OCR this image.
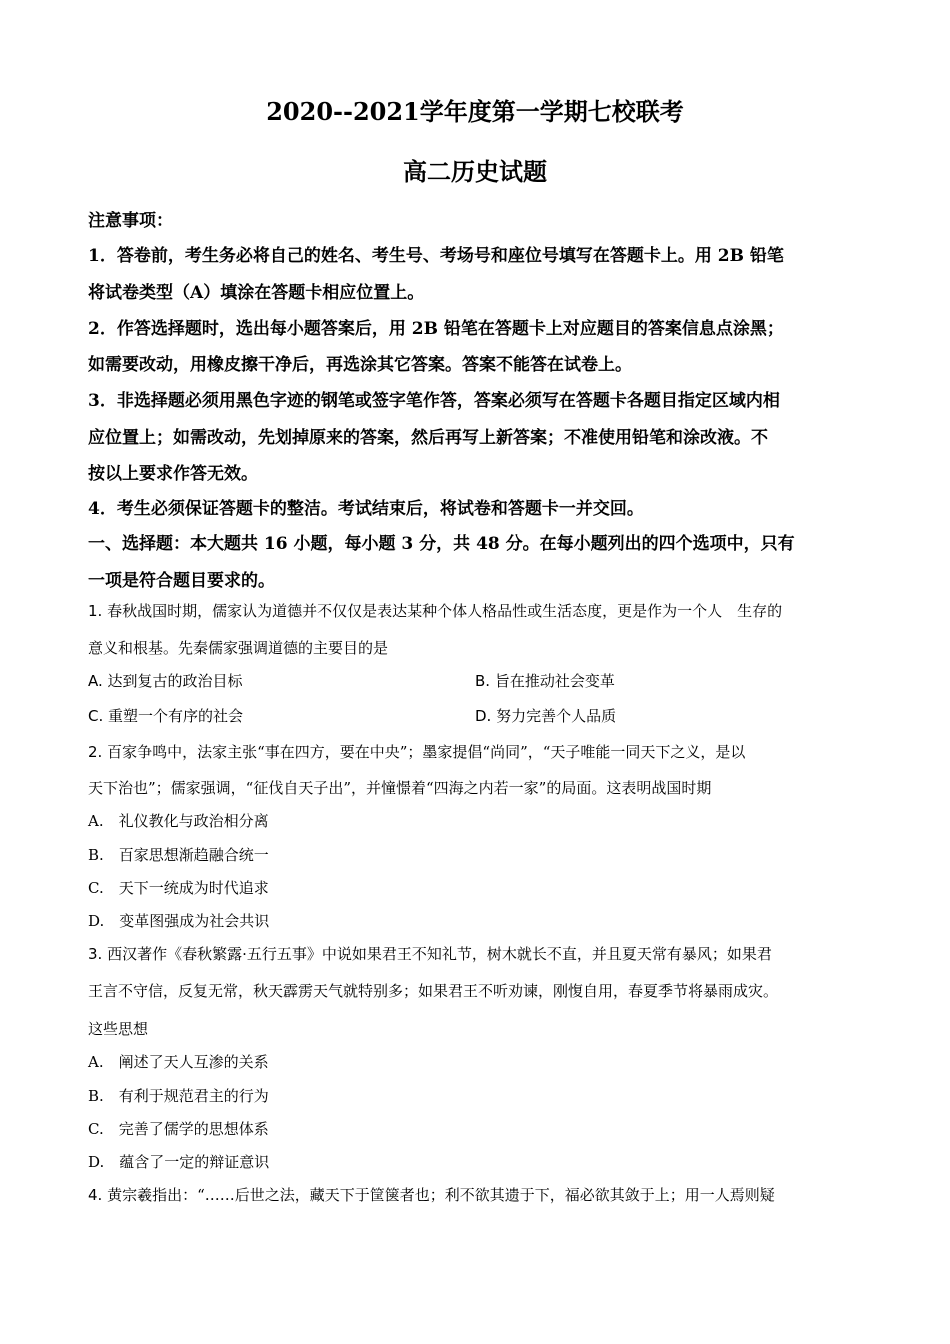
2020--2021学年度第一学期七校联考
高二历史试题
注意事项：
1．答卷前，考生务必将自己的姓名、考生号、考场号和座位号填写在答题卡上。用 2B 铅笔
将试卷类型（A）填涂在答题卡相应位置上。
2．作答选择题时，选出每小题答案后，用 2B 铅笔在答题卡上对应题目的答案信息点涂黑；
如需要改动，用橡皮擦干净后，再选涂其它答案。答案不能答在试卷上。
3．非选择题必须用黑色字迹的钢笔或签字笔作答，答案必须写在答题卡各题目指定区域内相
应位置上；如需改动，先划掉原来的答案，然后再写上新答案；不准使用铅笔和涂改液。不
按以上要求作答无效。
4．考生必须保证答题卡的整洁。考试结束后，将试卷和答题卡一并交回。
一、选择题：本大题共 16 小题，每小题 3 分，共 48 分。在每小题列出的四个选项中，只有
一项是符合题目要求的。
1. 春秋战国时期，儒家认为道德并不仅仅是表达某种个体人格品性或生活态度，更是作为一个人　生存的
意义和根基。先秦儒家强调道德的主要目的是
A. 达到复古的政治目标	B. 旨在推动社会变革
C. 重塑一个有序的社会	D. 努力完善个人品质
2. 百家争鸣中，法家主张“事在四方，要在中央”；墨家提倡“尚同”，“天子唯能一同天下之义，是以
天下治也”；儒家强调，“征伐自天子出”，并憧憬着“四海之内若一家”的局面。这表明战国时期
A.　礼仪教化与政治相分离
B.　百家思想渐趋融合统一
C.　天下一统成为时代追求
D.　变革图强成为社会共识
3. 西汉著作《春秋繁露·五行五事》中说如果君王不知礼节，树木就长不直，并且夏天常有暴风；如果君
王言不守信，反复无常，秋天霹雳天气就特别多；如果君王不听劝谏，刚愎自用，春夏季节将暴雨成灾。
这些思想
A.　阐述了天人互渗的关系
B.　有利于规范君主的行为
C.　完善了儒学的思想体系
D.　蕴含了一定的辩证意识
4. 黄宗羲指出：“……后世之法，藏天下于筐箧者也；利不欲其遗于下，福必欲其敛于上；用一人焉则疑
